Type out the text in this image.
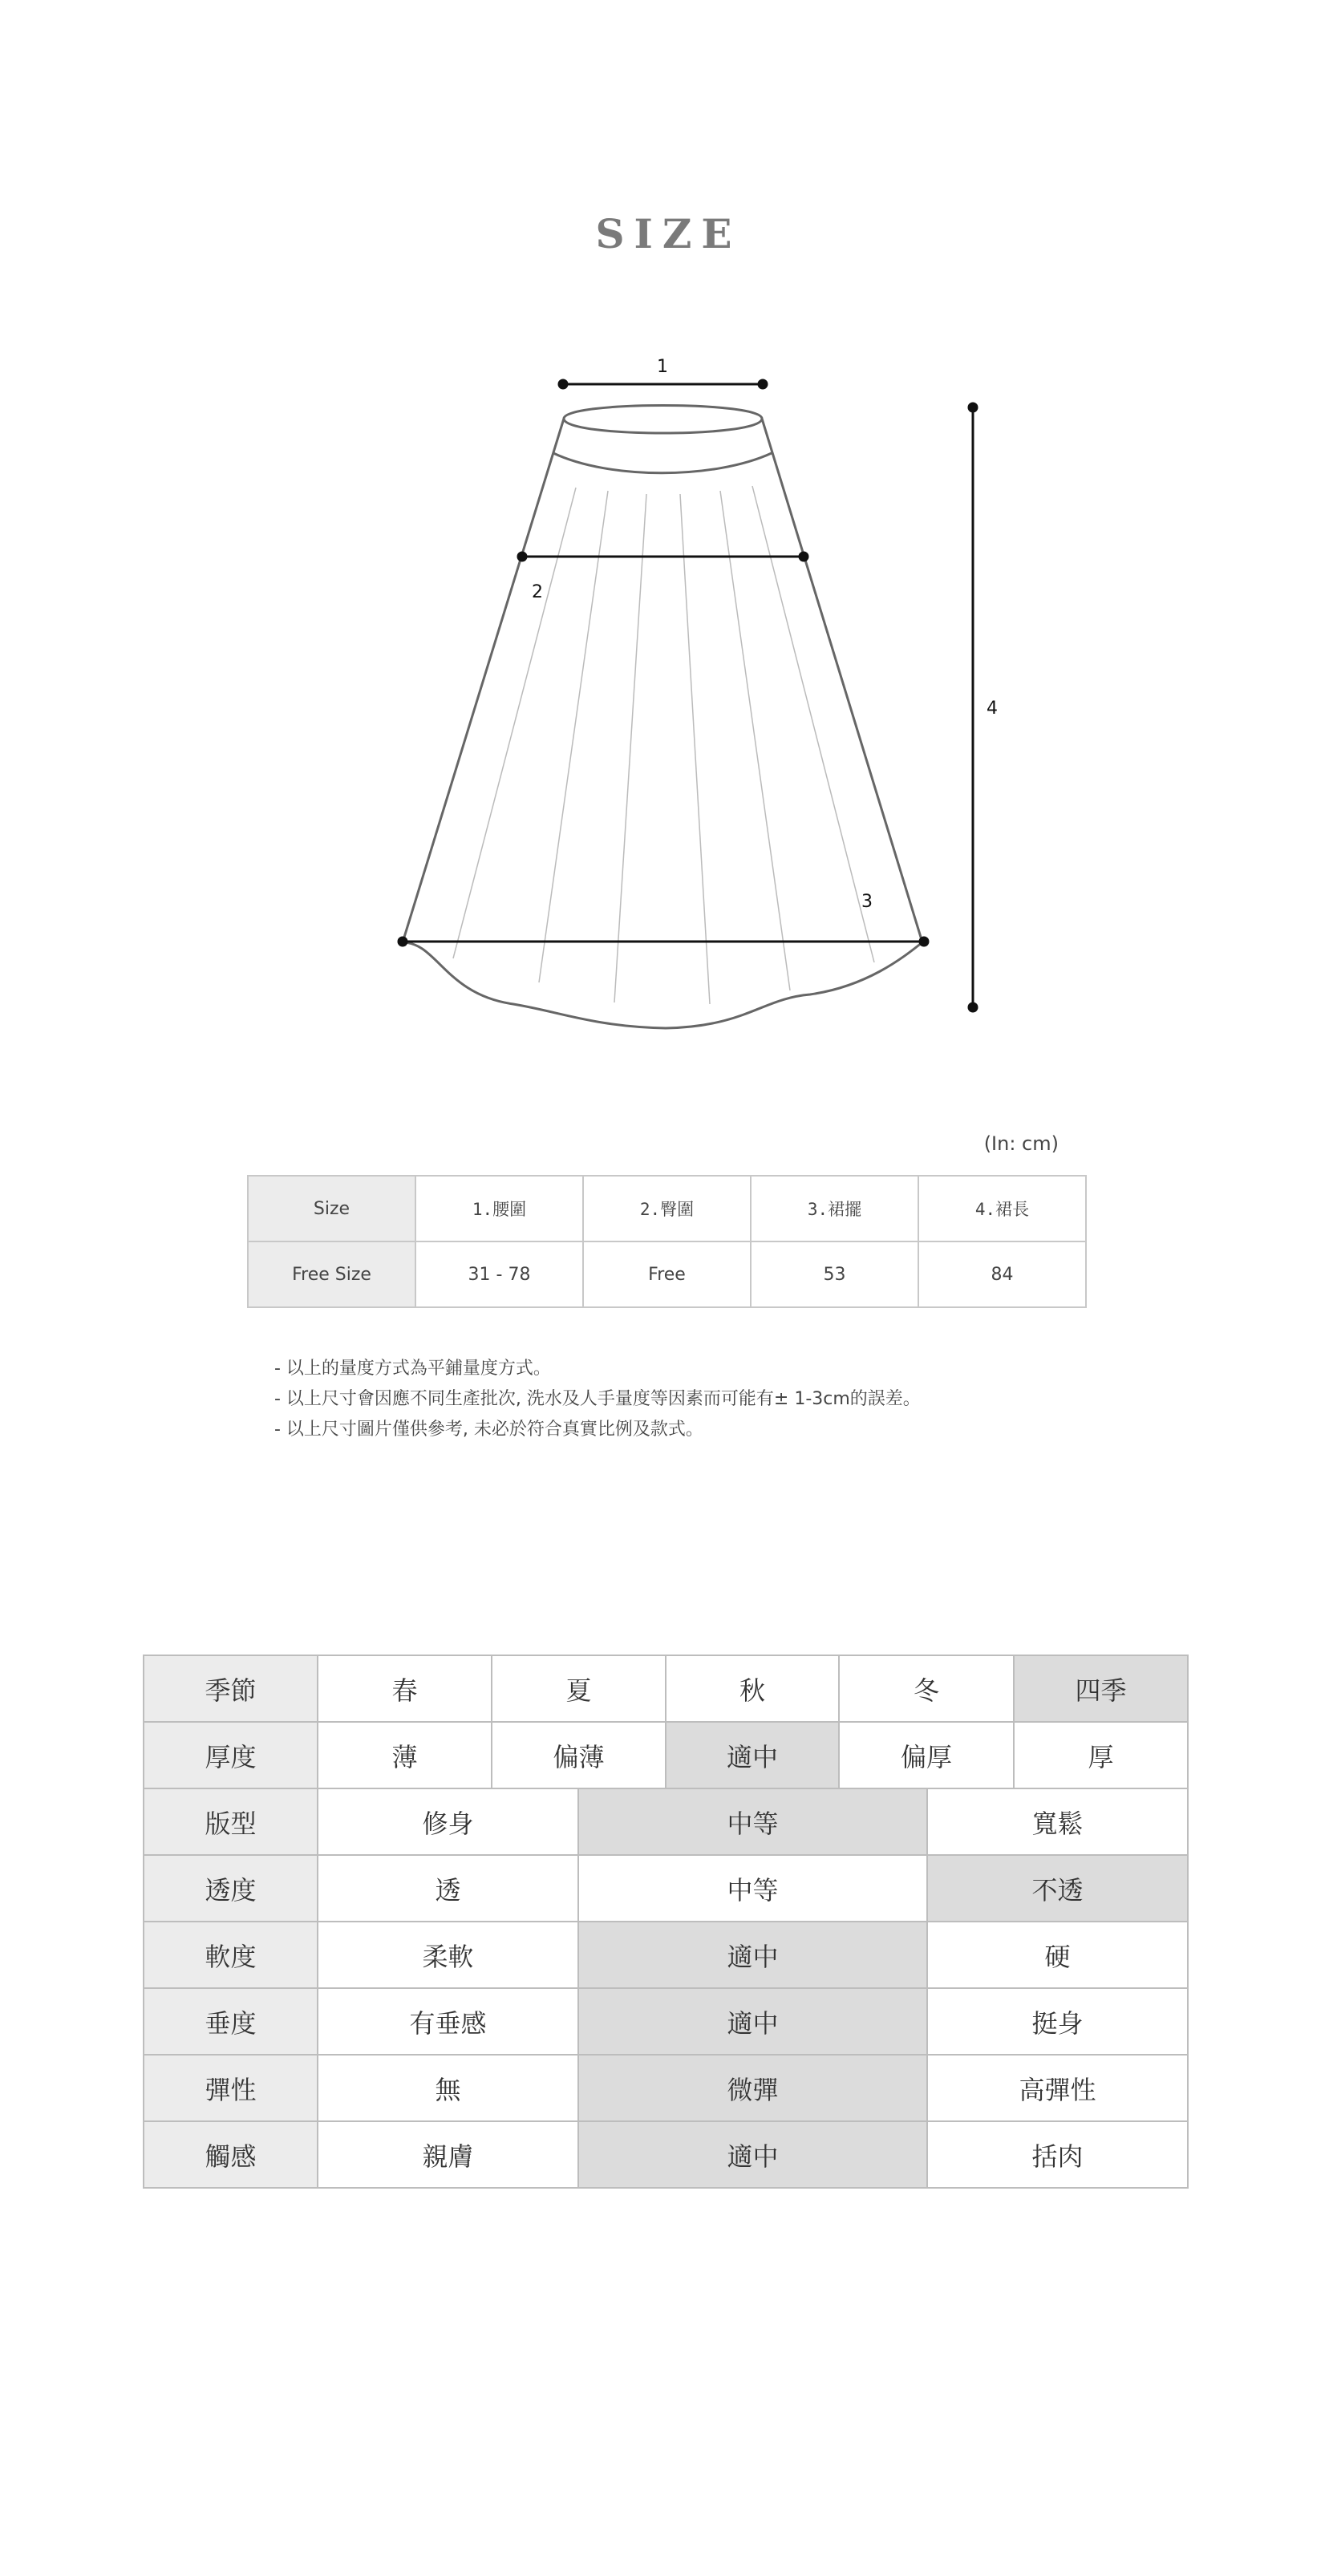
SIZE
1
2
3
4
(In: cm)
Size	1.腰圍	2.臀圍	3.裙擺	4.裙長
Free Size	31 - 78	Free	53	84
- 以上的量度方式為平鋪量度方式。
- 以上尺寸會因應不同生產批次, 洗水及人手量度等因素而可能有± 1-3cm的誤差。
- 以上尺寸圖片僅供參考, 未必於符合真實比例及款式。
季節	春	夏		秋	冬		四季
厚度	薄	偏薄		適中	偏厚		厚
版型	修身		中等			寬鬆	
透度	透		中等			不透	
軟度	柔軟		適中			硬	
垂度	有垂感		適中			挺身	
彈性	無		微彈			高彈性	
觸感	親膚		適中			括肉	
